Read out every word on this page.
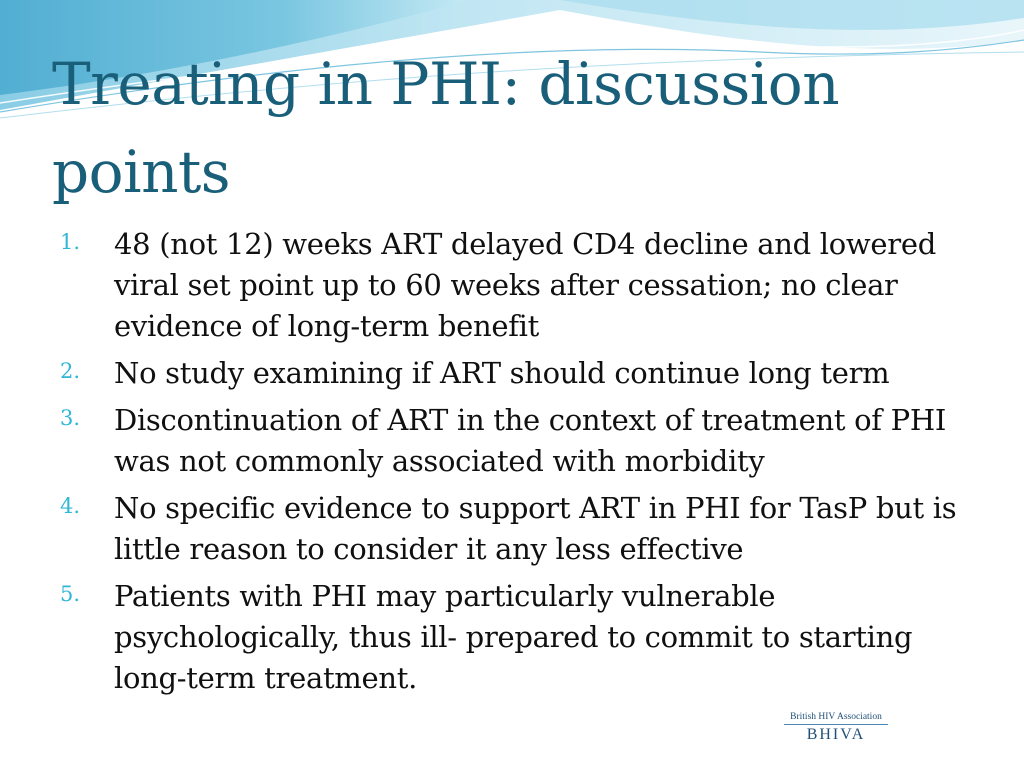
Treating in PHI: discussion points
1.	48 (not 12) weeks ART delayed CD4 decline and lowered viral set point up to 60 weeks after cessation; no clear evidence of long-term benefit
2.	No study examining if ART should continue long term
3.	Discontinuation of ART in the context of treatment of PHI was not commonly associated with morbidity
4.	No specific evidence to support ART in PHI for TasP but is little reason to consider it any less effective
5.	Patients with PHI may particularly vulnerable psychologically, thus ill- prepared to commit to starting long-term treatment.
British HIV Association
BHIVA
